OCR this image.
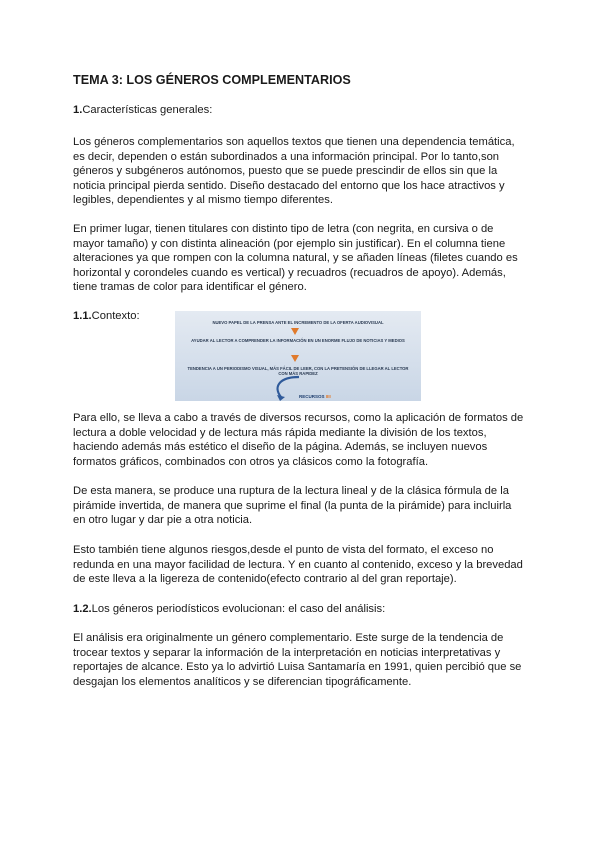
TEMA 3: LOS GÉNEROS COMPLEMENTARIOS
1.Características generales:
Los géneros complementarios son aquellos textos que tienen una dependencia temática, es decir, dependen o están subordinados a una información principal. Por lo tanto,son géneros y subgéneros autónomos, puesto que se puede prescindir de ellos sin que la noticia principal pierda sentido. Diseño destacado del entorno que los hace atractivos y legibles, dependientes y al mismo tiempo diferentes.
En primer lugar, tienen titulares con distinto tipo de letra (con negrita, en cursiva o de mayor tamaño) y con distinta alineación (por ejemplo sin justificar). En el columna tiene alteraciones ya que rompen con la columna natural, y se añaden líneas (filetes cuando es horizontal y corondeles cuando es vertical) y recuadros (recuadros de apoyo). Además, tiene tramas de color para identificar el género.
1.1.Contexto:
NUEVO PAPEL DE LA PRENSA ANTE EL INCREMENTO DE LA OFERTA AUDIOVISUAL
AYUDAR AL LECTOR A COMPRENDER LA INFORMACIÓN EN UN ENORME FLUJO DE NOTICIAS Y MEDIOS
TENDENCIA A UN PERIODISMO VISUAL, MÁS FÁCIL DE LEER, CON LA PRETENSIÓN DE LLEGAR AL LECTOR CON MÁS RAPIDEZ
RECURSOS IIII
Para ello, se lleva a cabo a través de diversos recursos, como la aplicación de formatos de lectura a doble velocidad y de lectura más rápida mediante la división de los textos, haciendo además más estético el diseño de la página. Además, se incluyen nuevos formatos gráficos, combinados con otros ya clásicos como la fotografía.
De esta manera, se produce una ruptura de la lectura lineal y de la clásica fórmula de la pirámide invertida, de manera que suprime el final (la punta de la pirámide) para incluirla en otro lugar y dar pie a otra noticia.
Esto también tiene algunos riesgos,desde el punto de vista del formato, el exceso no redunda en una mayor facilidad de lectura. Y en cuanto al contenido, exceso y la brevedad de este lleva a la ligereza de contenido(efecto contrario al del gran reportaje).
1.2.Los géneros periodísticos evolucionan: el caso del análisis:
El análisis era originalmente un género complementario. Este surge de la tendencia de trocear textos y separar la información de la interpretación en noticias interpretativas y reportajes de alcance. Esto ya lo advirtió Luisa Santamaría en 1991, quien percibió que se desgajan los elementos analíticos y se diferencian tipográficamente.
